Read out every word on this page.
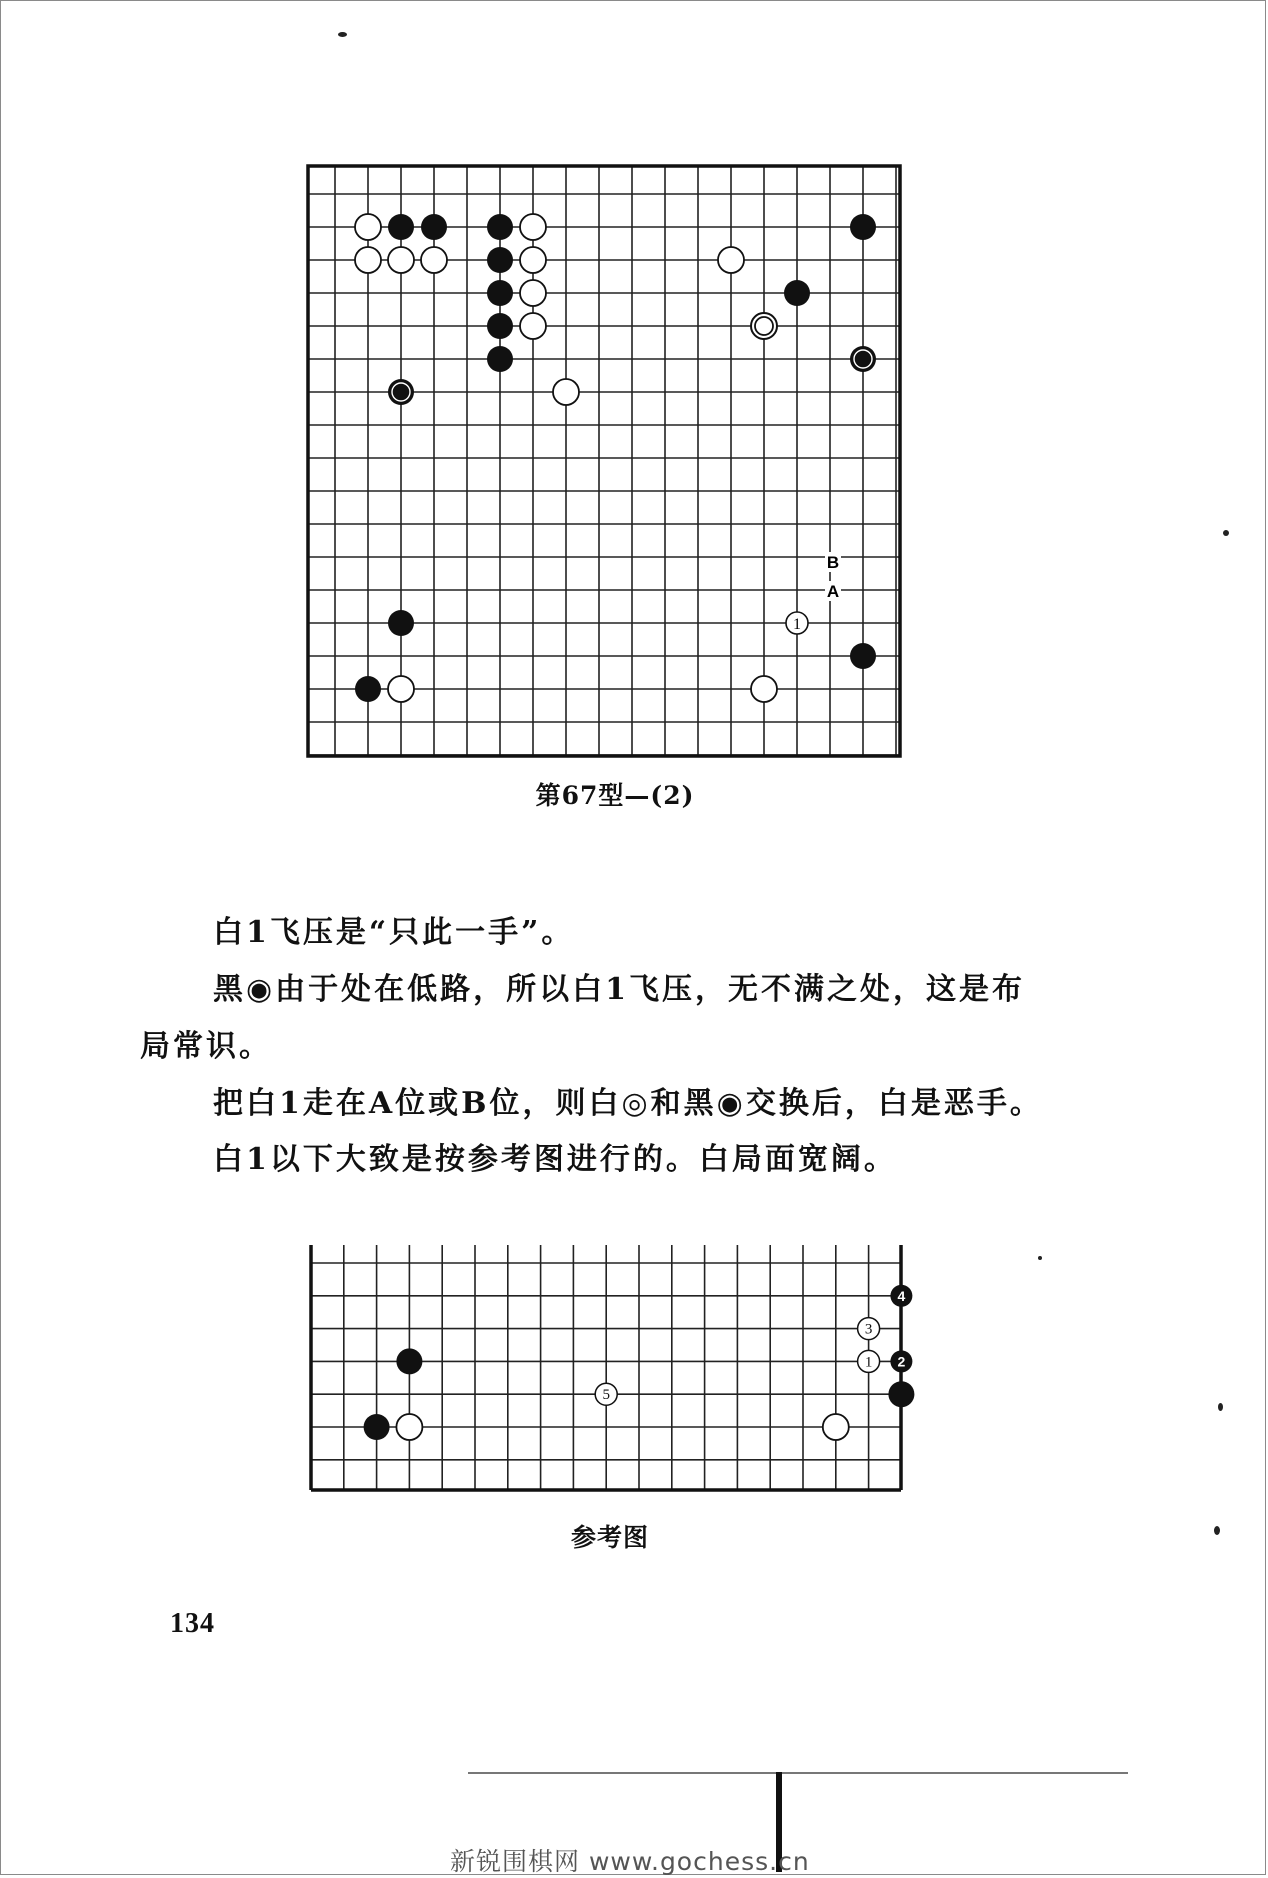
1
B
A
第67型—(2)
白1飞压是“只此一手”。
黑◉由于处在低路，所以白1飞压，无不满之处，这是布
局常识。
把白1走在A位或B位，则白◎和黑◉交换后，白是恶手。
白1以下大致是按参考图进行的。白局面宽阔。
4
3
1 2
5
参考图
134
新锐围棋网 www.gochess.cn
